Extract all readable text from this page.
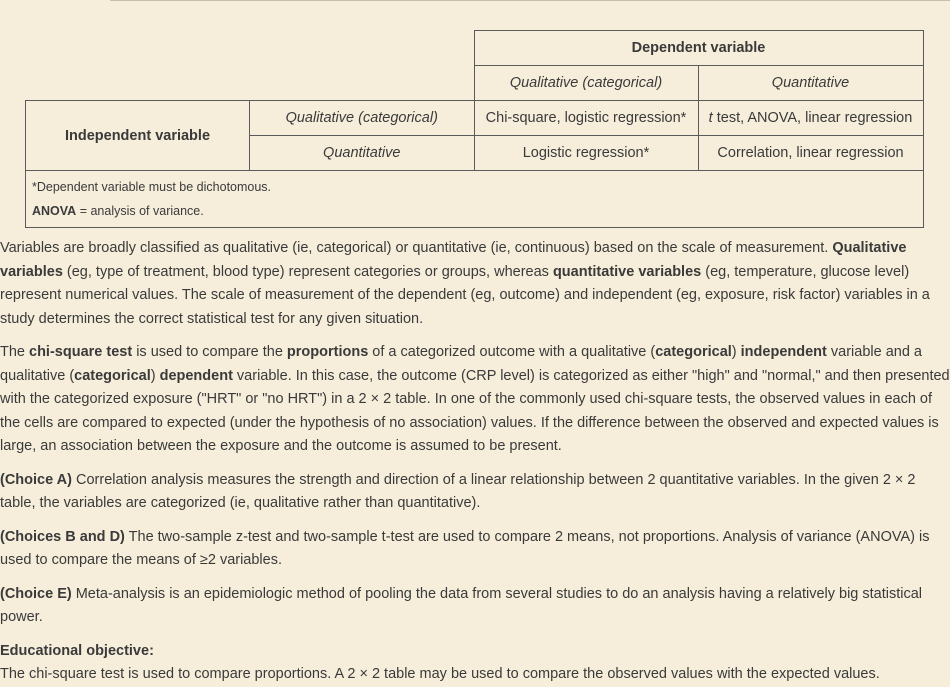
		Dependent variable	
		Qualitative (categorical)	Quantitative
Independent variable	Qualitative (categorical)	Chi-square, logistic regression*	t test, ANOVA, linear regression
	Quantitative	Logistic regression*	Correlation, linear regression

*Dependent variable must be dichotomous.
ANOVA = analysis of variance.			

Variables are broadly classified as qualitative (ie, categorical) or quantitative (ie, continuous) based on the scale of measurement. Qualitative variables (eg, type of treatment, blood type) represent categories or groups, whereas quantitative variables (eg, temperature, glucose level) represent numerical values. The scale of measurement of the dependent (eg, outcome) and independent (eg, exposure, risk factor) variables in a study determines the correct statistical test for any given situation.

The chi-square test is used to compare the proportions of a categorized outcome with a qualitative (categorical) independent variable and a qualitative (categorical) dependent variable. In this case, the outcome (CRP level) is categorized as either "high" and "normal," and then presented with the categorized exposure ("HRT" or "no HRT") in a 2 × 2 table. In one of the commonly used chi-square tests, the observed values in each of the cells are compared to expected (under the hypothesis of no association) values. If the difference between the observed and expected values is large, an association between the exposure and the outcome is assumed to be present.

(Choice A) Correlation analysis measures the strength and direction of a linear relationship between 2 quantitative variables. In the given 2 × 2 table, the variables are categorized (ie, qualitative rather than quantitative).

(Choices B and D) The two-sample z-test and two-sample t-test are used to compare 2 means, not proportions. Analysis of variance (ANOVA) is used to compare the means of ≥2 variables.

(Choice E) Meta-analysis is an epidemiologic method of pooling the data from several studies to do an analysis having a relatively big statistical power.

Educational objective:

The chi-square test is used to compare proportions. A 2 × 2 table may be used to compare the observed values with the expected values.
